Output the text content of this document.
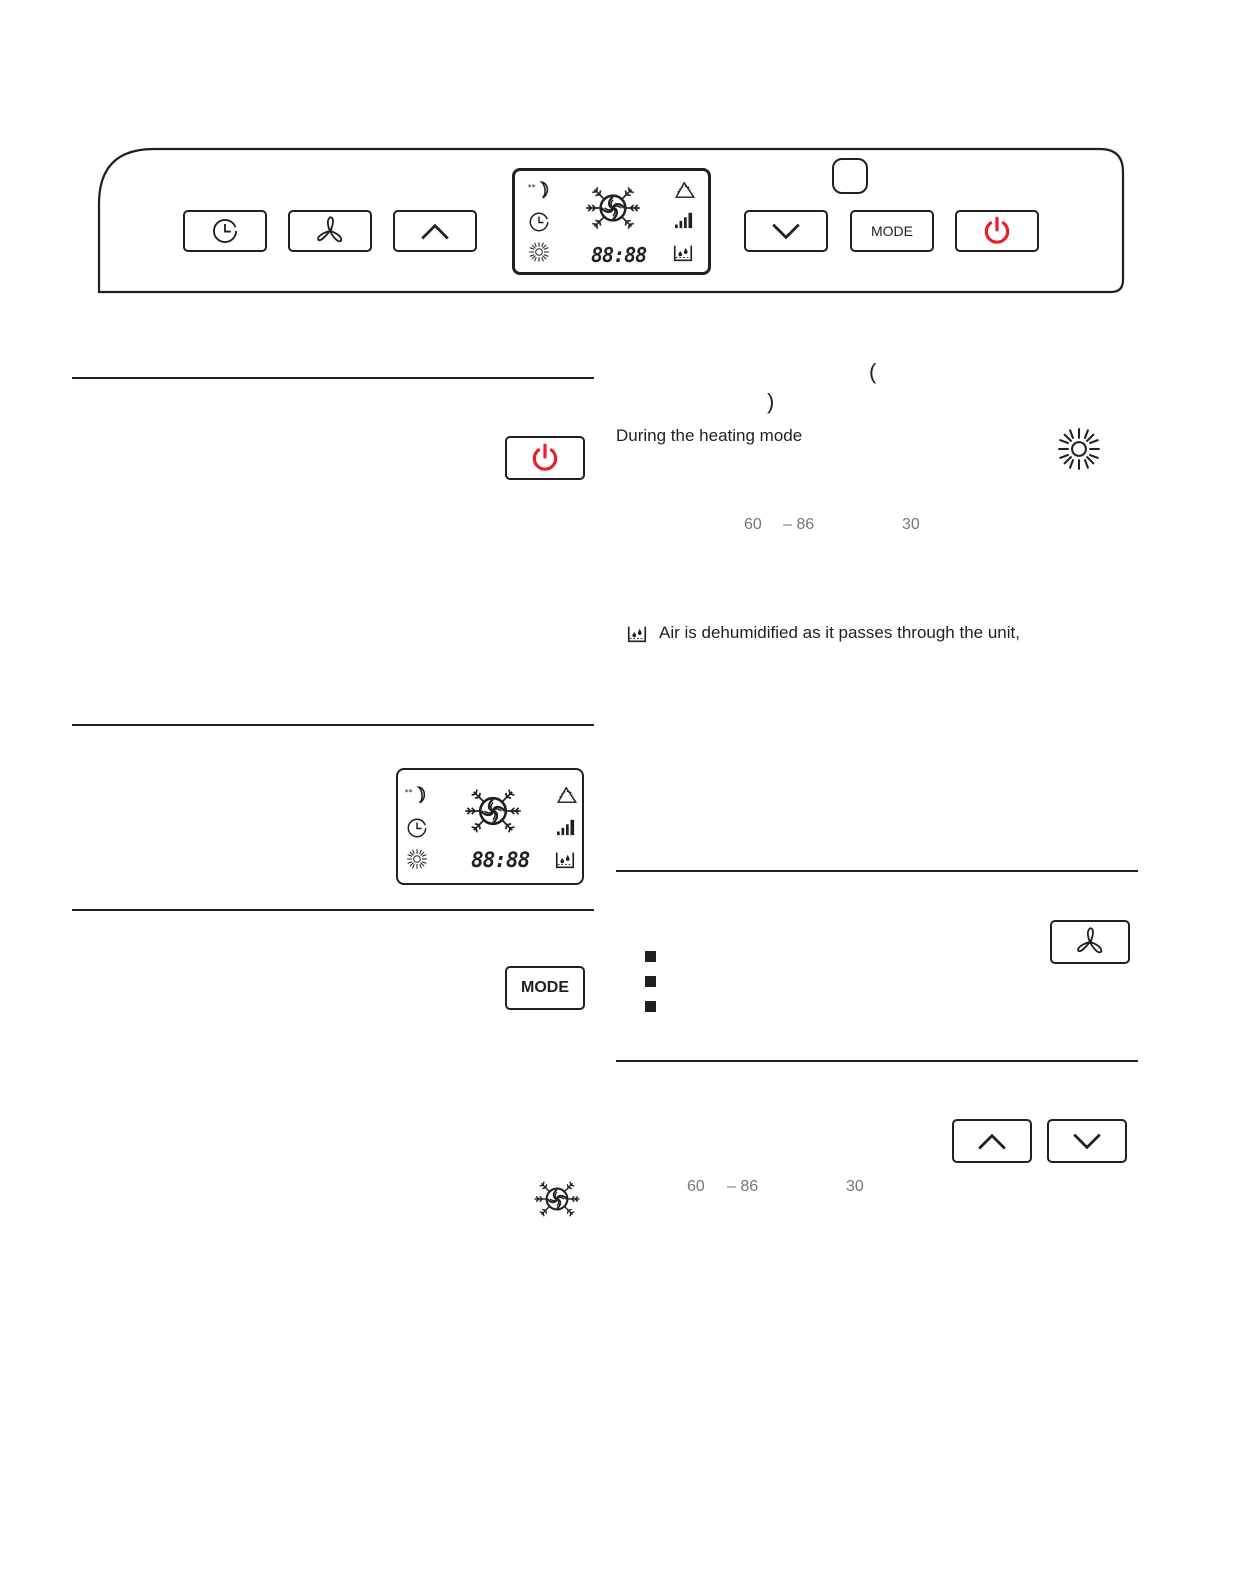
88:88
MODE
88:88
MODE
(
)
During the heating mode
60 – 86	30
Air is dehumidified as it passes through the unit,
60 – 86	30
